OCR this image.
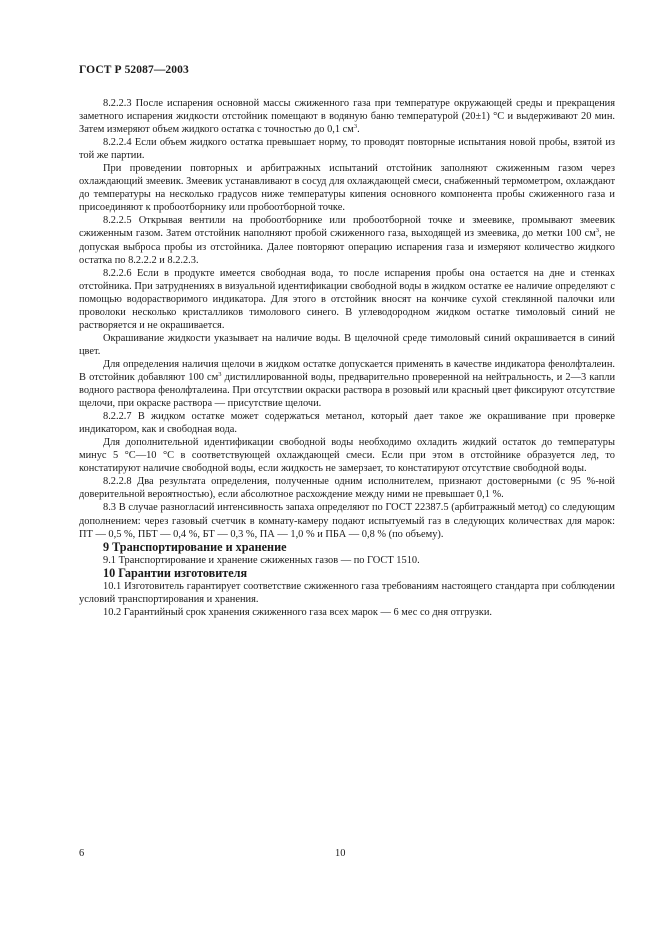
ГОСТ Р 52087—2003

8.2.2.3 После испарения основной массы сжиженного газа при температуре окружающей среды и прекращения заметного испарения жидкости отстойник помещают в водяную баню температурой (20±1) °С и выдерживают 20 мин. Затем измеряют объем жидкого остатка с точностью до 0,1 $см^3$.

8.2.2.4 Если объем жидкого остатка превышает норму, то проводят повторные испытания новой пробы, взятой из той же партии.

При проведении повторных и арбитражных испытаний отстойник заполняют сжиженным газом через охлаждающий змеевик. Змеевик устанавливают в сосуд для охлаждающей смеси, снабженный термометром, охлаждают до температуры на несколько градусов ниже температуры кипения основного компонента пробы сжиженного газа и присоединяют к пробоотборнику или пробоотборной точке.

8.2.2.5 Открывая вентили на пробоотборнике или пробоотборной точке и змеевике, промывают змеевик сжиженным газом. Затем отстойник наполняют пробой сжиженного газа, выходящей из змеевика, до метки 100 $см^3$, не допуская выброса пробы из отстойника. Далее повторяют операцию испарения газа и измеряют количество жидкого остатка по 8.2.2.2 и 8.2.2.3.

8.2.2.6 Если в продукте имеется свободная вода, то после испарения пробы она остается на дне и стенках отстойника. При затруднениях в визуальной идентификации свободной воды в жидком остатке ее наличие определяют с помощью водорастворимого индикатора. Для этого в отстойник вносят на кончике сухой стеклянной палочки или проволоки несколько кристалликов тимолового синего. В углеводородном жидком остатке тимоловый синий не растворяется и не окрашивается.

Окрашивание жидкости указывает на наличие воды. В щелочной среде тимоловый синий окрашивается в синий цвет.

Для определения наличия щелочи в жидком остатке допускается применять в качестве индикатора фенолфталеин. В отстойник добавляют 100 $см^3$ дистиллированной воды, предварительно проверенной на нейтральность, и 2—3 капли водного раствора фенолфталеина. При отсутствии окраски раствора в розовый или красный цвет фиксируют отсутствие щелочи, при окраске раствора — присутствие щелочи.

8.2.2.7 В жидком остатке может содержаться метанол, который дает такое же окрашивание при проверке индикатором, как и свободная вода.

Для дополнительной идентификации свободной воды необходимо охладить жидкий остаток до температуры минус 5 °С—10 °С в соответствующей охлаждающей смеси. Если при этом в отстойнике образуется лед, то констатируют наличие свободной воды, если жидкость не замерзает, то констатируют отсутствие свободной воды.

8.2.2.8 Два результата определения, полученные одним исполнителем, признают достоверными (с 95 %-ной доверительной вероятностью), если абсолютное расхождение между ними не превышает 0,1 %.

8.3 В случае разногласий интенсивность запаха определяют по ГОСТ 22387.5 (арбитражный метод) со следующим дополнением: через газовый счетчик в комнату-камеру подают испытуемый газ в следующих количествах для марок: ПТ — 0,5 %, ПБТ — 0,4 %, БТ — 0,3 %, ПА — 1,0 % и ПБА — 0,8 % (по объему).

9 Транспортирование и хранение

9.1 Транспортирование и хранение сжиженных газов — по ГОСТ 1510.

10 Гарантии изготовителя

10.1 Изготовитель гарантирует соответствие сжиженного газа требованиям настоящего стандарта при соблюдении условий транспортирования и хранения.

10.2 Гарантийный срок хранения сжиженного газа всех марок — 6 мес со дня отгрузки.

6	10
